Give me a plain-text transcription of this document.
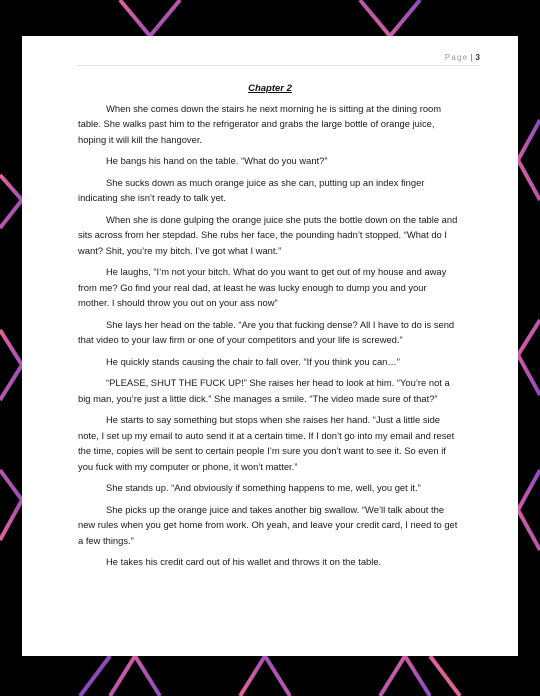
Page | 3
Chapter 2

When she comes down the stairs he next morning he is sitting at the dining room table. She walks past him to the refrigerator and grabs the large bottle of orange juice, hoping it will kill the hangover.

He bangs his hand on the table. “What do you want?”

She sucks down as much orange juice as she can, putting up an index finger indicating she isn’t ready to talk yet.

When she is done gulping the orange juice she puts the bottle down on the table and sits across from her stepdad. She rubs her face, the pounding hadn’t stopped. “What do I want? Shit, you’re my bitch. I’ve got what I want.”

He laughs, “I’m not your bitch. What do you want to get out of my house and away from me? Go find your real dad, at least he was lucky enough to dump you and your mother. I should throw you out on your ass now”

She lays her head on the table. “Are you that fucking dense? All I have to do is send that video to your law firm or one of your competitors and your life is screwed.”

He quickly stands causing the chair to fall over. “If you think you can…”

“PLEASE, SHUT THE FUCK UP!” She raises her head to look at him. “You’re not a big man, you’re just a little dick.” She manages a smile. “The video made sure of that?”

He starts to say something but stops when she raises her hand. “Just a little side note, I set up my email to auto send it at a certain time. If I don’t go into my email and reset the time, copies will be sent to certain people I’m sure you don’t want to see it. So even if you fuck with my computer or phone, it won’t matter.”

She stands up. “And obviously if something happens to me, well, you get it.”

She picks up the orange juice and takes another big swallow. “We’ll talk about the new rules when you get home from work. Oh yeah, and leave your credit card, I need to get a few things.”

He takes his credit card out of his wallet and throws it on the table.
